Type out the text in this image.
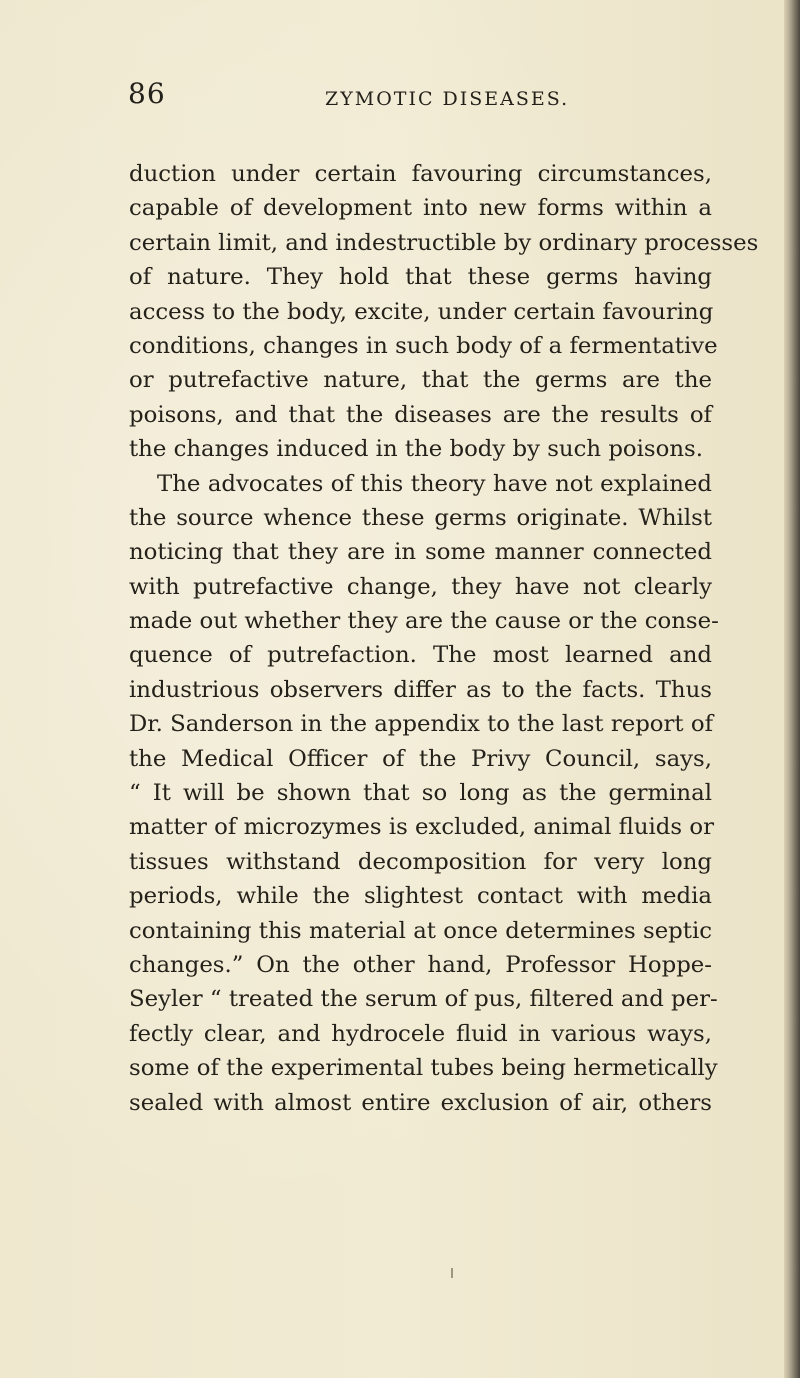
86	ZYMOTIC DISEASES.
duction under certain favouring circumstances,
capable of development into new forms within a
certain limit, and indestructible by ordinary processes
of nature. They hold that these germs having
access to the body, excite, under certain favouring
conditions, changes in such body of a fermentative
or putrefactive nature, that the germs are the
poisons, and that the diseases are the results of
the changes induced in the body by such poisons.
The advocates of this theory have not explained
the source whence these germs originate. Whilst
noticing that they are in some manner connected
with putrefactive change, they have not clearly
made out whether they are the cause or the conse-
quence of putrefaction. The most learned and
industrious observers differ as to the facts. Thus
Dr. Sanderson in the appendix to the last report of
the Medical Officer of the Privy Council, says,
“ It will be shown that so long as the germinal
matter of microzymes is excluded, animal fluids or
tissues withstand decomposition for very long
periods, while the slightest contact with media
containing this material at once determines septic
changes.” On the other hand, Professor Hoppe-
Seyler “ treated the serum of pus, filtered and per-
fectly clear, and hydrocele fluid in various ways,
some of the experimental tubes being hermetically
sealed with almost entire exclusion of air, others
